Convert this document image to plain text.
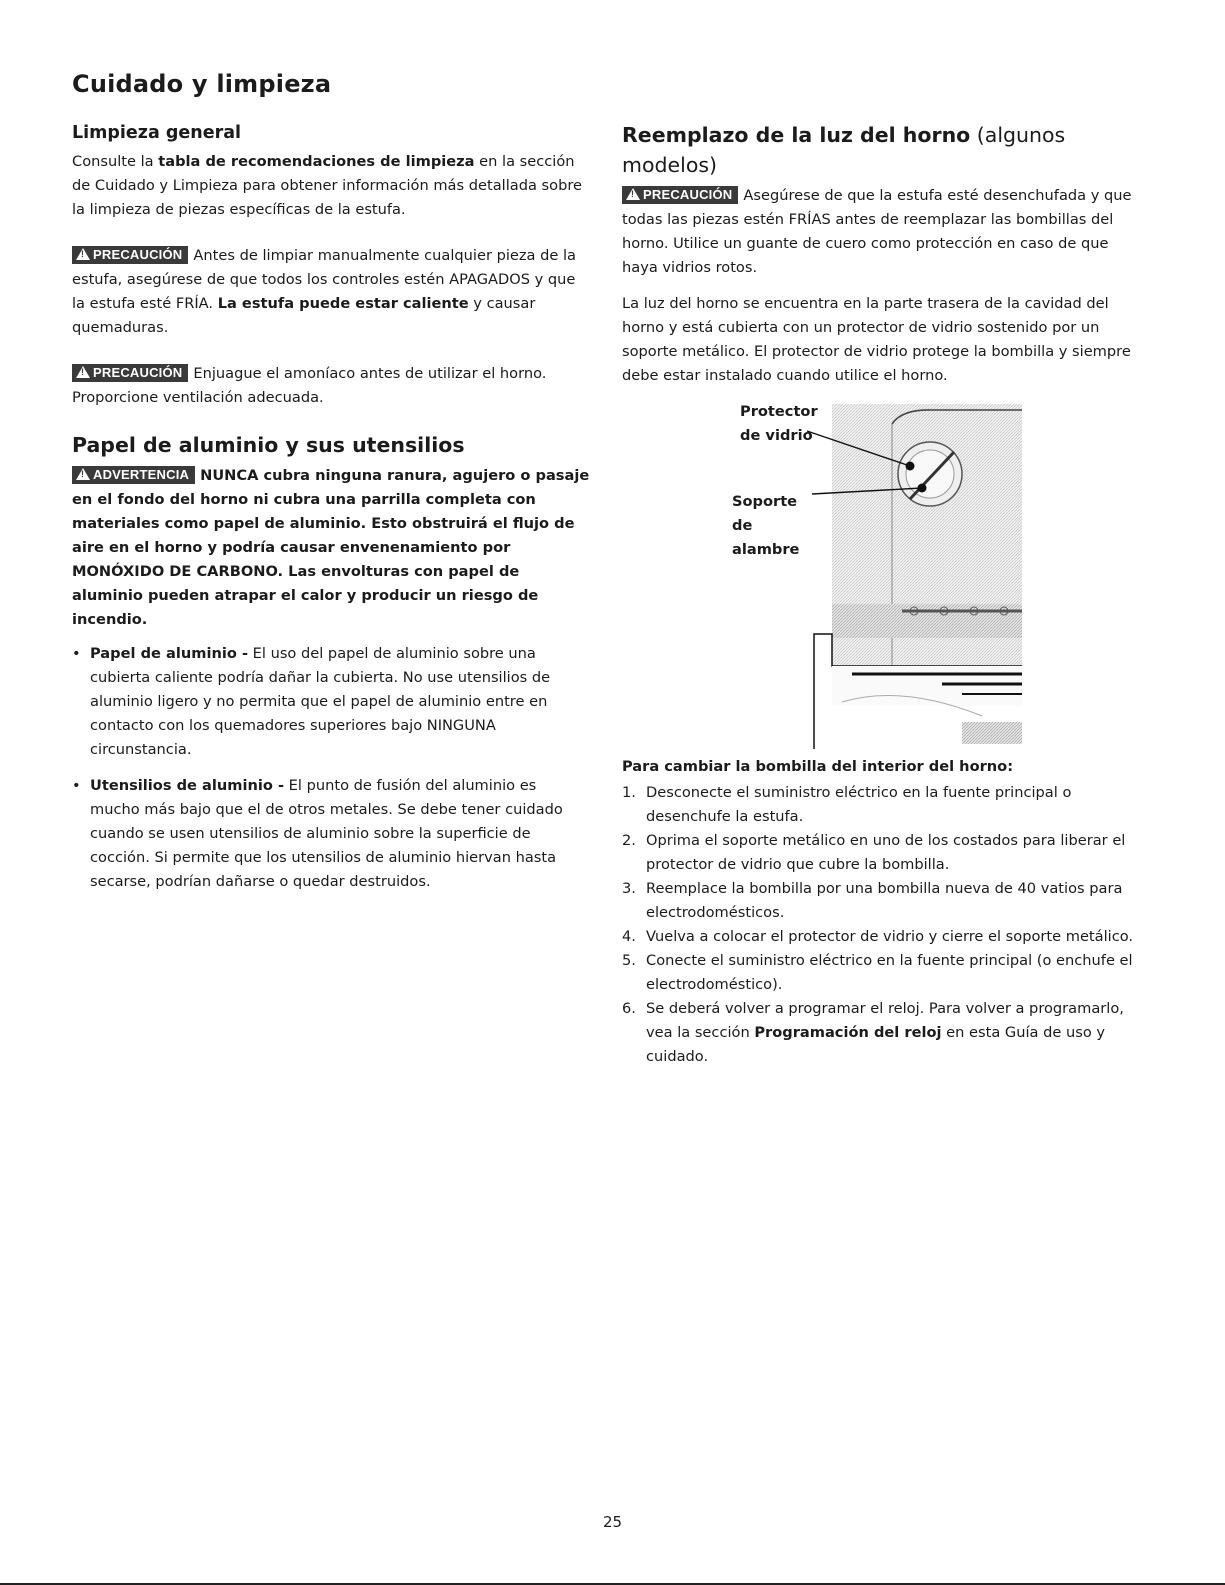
Cuidado y limpieza
Limpieza general

Consulte la tabla de recomendaciones de limpieza en la sección de Cuidado y Limpieza para obtener información más detallada sobre la limpieza de piezas específicas de la estufa.

!PRECAUCIÓN Antes de limpiar manualmente cualquier pieza de la estufa, asegúrese de que todos los controles estén APAGADOS y que la estufa esté FRÍA. La estufa puede estar caliente y causar quemaduras.

!PRECAUCIÓN Enjuague el amoníaco antes de utilizar el horno. Proporcione ventilación adecuada.

Papel de aluminio y sus utensilios

!ADVERTENCIA NUNCA cubra ninguna ranura, agujero o pasaje en el fondo del horno ni cubra una parrilla completa con materiales como papel de aluminio. Esto obstruirá el flujo de aire en el horno y podría causar envenenamiento por MONÓXIDO DE CARBONO. Las envolturas con papel de aluminio pueden atrapar el calor y producir un riesgo de incendio.

• Papel de aluminio - El uso del papel de aluminio sobre una cubierta caliente podría dañar la cubierta. No use utensilios de aluminio ligero y no permita que el papel de aluminio entre en contacto con los quemadores superiores bajo NINGUNA circunstancia.
• Utensilios de aluminio - El punto de fusión del aluminio es mucho más bajo que el de otros metales. Se debe tener cuidado cuando se usen utensilios de aluminio sobre la superficie de cocción. Si permite que los utensilios de aluminio hiervan hasta secarse, podrían dañarse o quedar destruidos.
Reemplazo de la luz del horno (algunos modelos)

!PRECAUCIÓN Asegúrese de que la estufa esté desenchufada y que todas las piezas estén FRÍAS antes de reemplazar las bombillas del horno. Utilice un guante de cuero como protección en caso de que haya vidrios rotos.

La luz del horno se encuentra en la parte trasera de la cavidad del horno y está cubierta con un protector de vidrio sostenido por un soporte metálico. El protector de vidrio protege la bombilla y siempre debe estar instalado cuando utilice el horno.

Protector
de vidrio
Soporte
de
alambre

Para cambiar la bombilla del interior del horno:

1. Desconecte el suministro eléctrico en la fuente principal o desenchufe la estufa.
2. Oprima el soporte metálico en uno de los costados para liberar el protector de vidrio que cubre la bombilla.
3. Reemplace la bombilla por una bombilla nueva de 40 vatios para electrodomésticos.
4. Vuelva a colocar el protector de vidrio y cierre el soporte metálico.
5. Conecte el suministro eléctrico en la fuente principal (o enchufe el electrodoméstico).
6. Se deberá volver a programar el reloj. Para volver a programarlo, vea la sección Programación del reloj en esta Guía de uso y cuidado.
25
